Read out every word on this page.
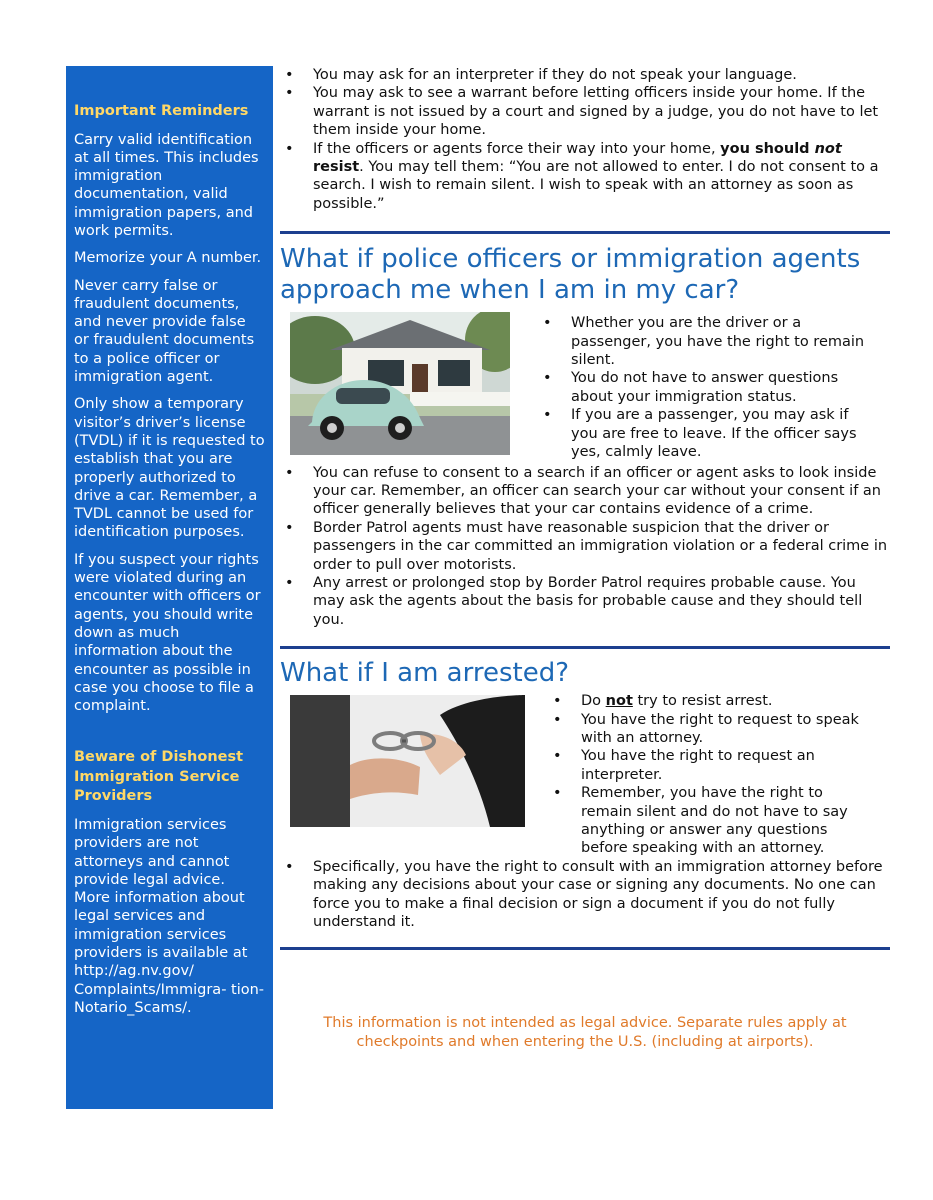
Important Reminders

Carry valid identification at all times. This includes immigration documentation, valid immigration papers, and work permits.

Memorize your A number.

Never carry false or fraudulent documents, and never provide false or fraudulent documents to a police officer or immigration agent.

Only show a temporary visitor’s driver’s license (TVDL) if it is requested to establish that you are properly authorized to drive a car. Remember, a TVDL cannot be used for identification purposes.

If you suspect your rights were violated during an encounter with officers or agents, you should write down as much information about the encounter as possible in case you choose to file a complaint.

Beware of Dishonest Immigration Service Providers

Immigration services providers are not attorneys and cannot provide legal advice. More information about legal services and immigration services providers is available at http://ag.nv.gov/ Complaints/Immigra- tion-Notario_Scams/.

• You may ask for an interpreter if they do not speak your language.
• You may ask to see a warrant before letting officers inside your home. If the warrant is not issued by a court and signed by a judge, you do not have to let them inside your home.
• If the officers or agents force their way into your home, you should not resist. You may tell them: “You are not allowed to enter. I do not consent to a search. I wish to remain silent. I wish to speak with an attorney as soon as possible.”
What if police officers or immigration agents approach me when I am in my car?
• Whether you are the driver or a passenger, you have the right to remain silent.
• You do not have to answer questions about your immigration status.
• If you are a passenger, you may ask if you are free to leave. If the officer says yes, calmly leave.
• You can refuse to consent to a search if an officer or agent asks to look inside your car. Remember, an officer can search your car without your consent if an officer generally believes that your car contains evidence of a crime.
• Border Patrol agents must have reasonable suspicion that the driver or passengers in the car committed an immigration violation or a federal crime in order to pull over motorists.
• Any arrest or prolonged stop by Border Patrol requires probable cause. You may ask the agents about the basis for probable cause and they should tell you.
What if I am arrested?
• Do not try to resist arrest.
• You have the right to request to speak with an attorney.
• You have the right to request an interpreter.
• Remember, you have the right to remain silent and do not have to say anything or answer any questions before speaking with an attorney.
• Specifically, you have the right to consult with an immigration attorney before making any decisions about your case or signing any documents. No one can force you to make a final decision or sign a document if you do not fully understand it.
This information is not intended as legal advice. Separate rules apply at
checkpoints and when entering the U.S. (including at airports).
